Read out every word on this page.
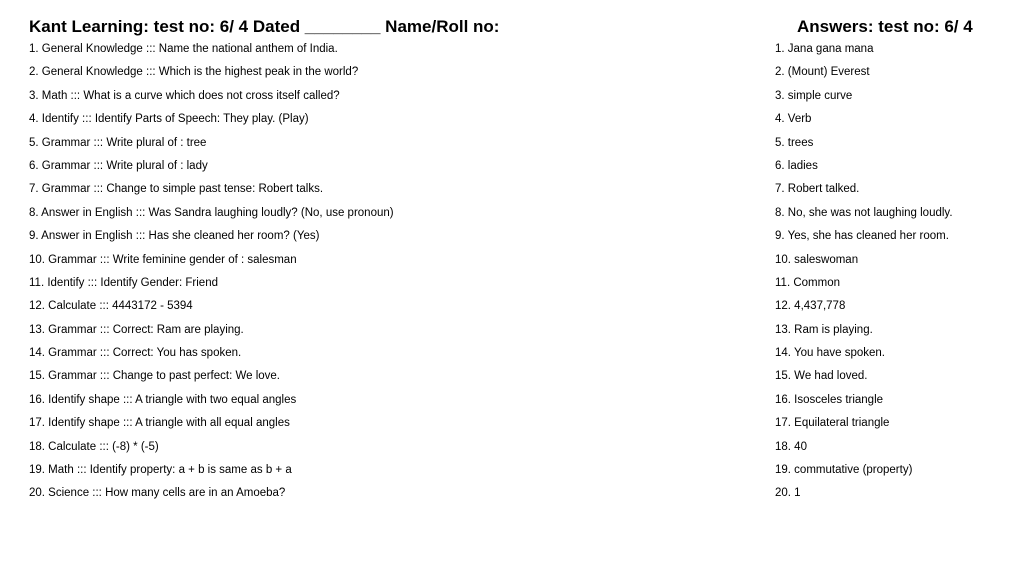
Kant Learning: test no: 6/ 4 Dated ________ Name/Roll no:
1. General Knowledge ::: Name the national anthem of India.
2. General Knowledge ::: Which is the highest peak in the world?
3. Math ::: What is a curve which does not cross itself called?
4. Identify ::: Identify Parts of Speech: They play. (Play)
5. Grammar ::: Write plural of : tree
6. Grammar ::: Write plural of : lady
7. Grammar ::: Change to simple past tense: Robert talks.
8. Answer in English ::: Was Sandra laughing loudly? (No, use pronoun)
9. Answer in English ::: Has she cleaned her room? (Yes)
10. Grammar ::: Write feminine gender of : salesman
11. Identify ::: Identify Gender: Friend
12. Calculate ::: 4443172 - 5394
13. Grammar ::: Correct: Ram are playing.
14. Grammar ::: Correct: You has spoken.
15. Grammar ::: Change to past perfect: We love.
16. Identify shape ::: A triangle with two equal angles
17. Identify shape ::: A triangle with all equal angles
18. Calculate ::: (-8) * (-5)
19. Math ::: Identify property: a + b is same as b + a
20. Science ::: How many cells are in an Amoeba?
Answers: test no: 6/ 4
1. Jana gana mana
2. (Mount) Everest
3. simple curve
4. Verb
5. trees
6. ladies
7. Robert talked.
8. No, she was not laughing loudly.
9. Yes, she has cleaned her room.
10. saleswoman
11. Common
12. 4,437,778
13. Ram is playing.
14. You have spoken.
15. We had loved.
16. Isosceles triangle
17. Equilateral triangle
18. 40
19. commutative (property)
20. 1
